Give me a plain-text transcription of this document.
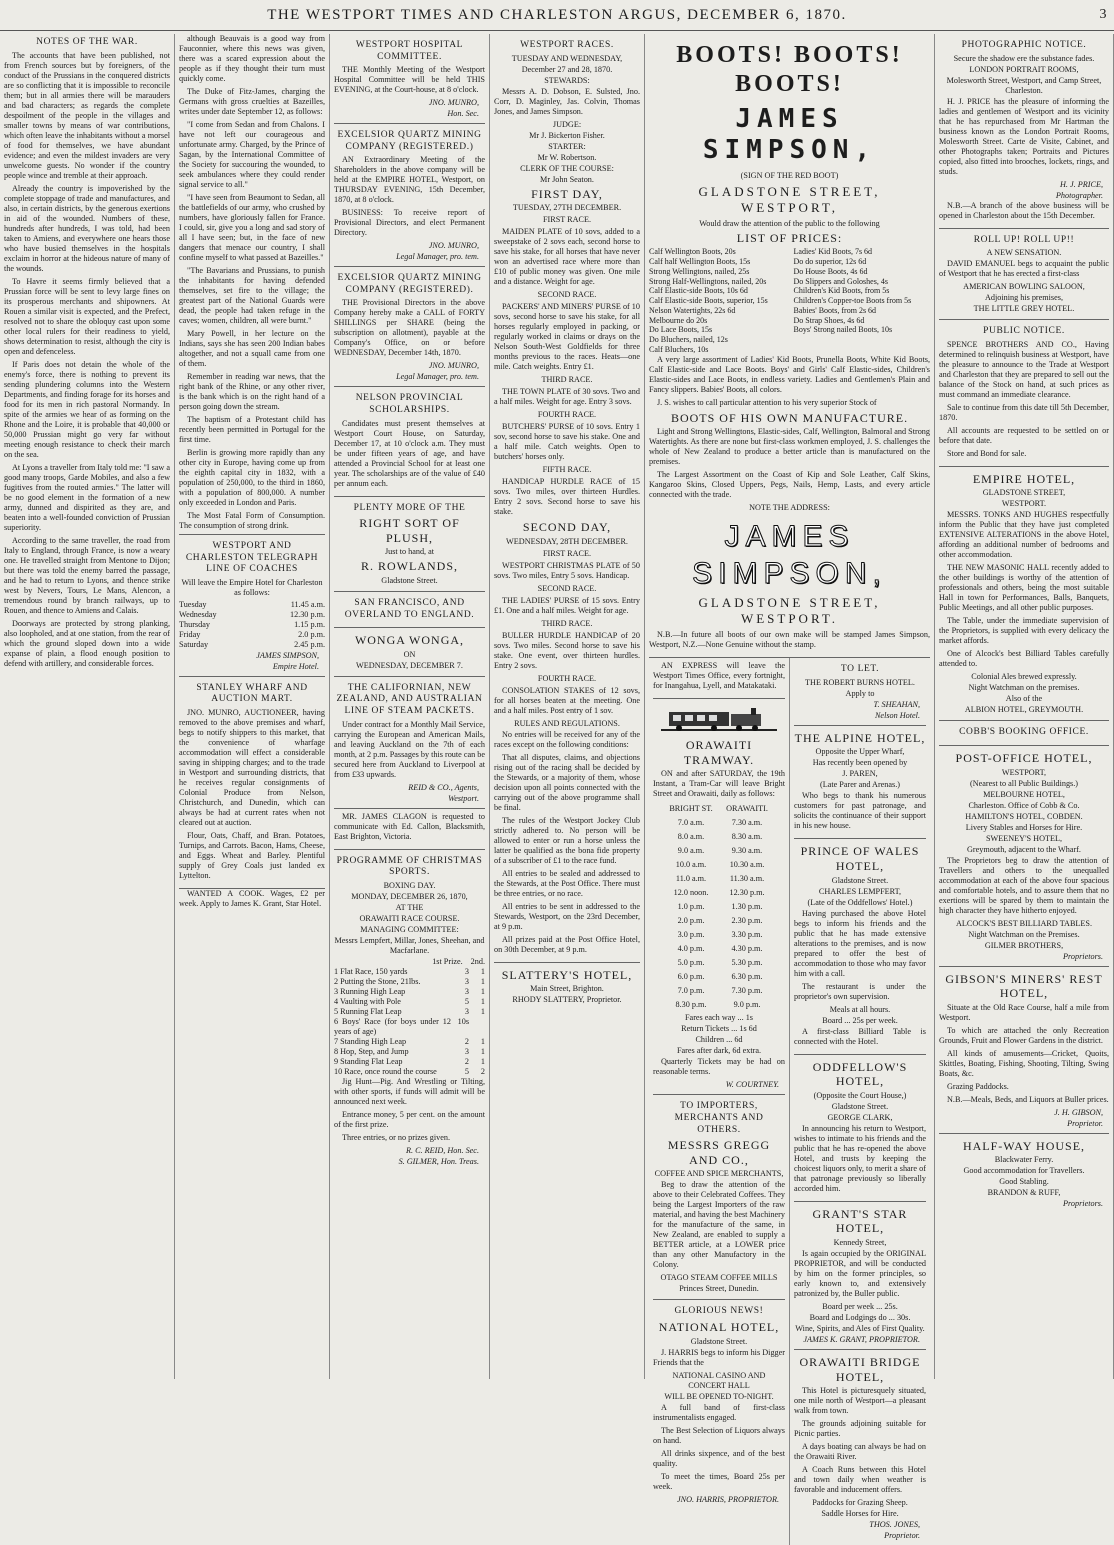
THE WESTPORT TIMES AND CHARLESTON ARGUS, DECEMBER 6, 1870.	3
NOTES OF THE WAR.

The accounts that have been published, not from French sources but by foreigners, of the conduct of the Prussians in the conquered districts are so conflicting that it is impossible to reconcile them; but in all armies there will be marauders and bad characters; as regards the complete despoilment of the people in the villages and smaller towns by means of war contributions, which often leave the inhabitants without a morsel of food for themselves, we have abundant evidence; and even the mildest invaders are very unwelcome guests. No wonder if the country people wince and tremble at their approach.

Already the country is impoverished by the complete stoppage of trade and manufactures, and also, in certain districts, by the generous exertions in aid of the wounded. Numbers of these, hundreds after hundreds, I was told, had been taken to Amiens, and everywhere one hears those who have busied themselves in the hospitals exclaim in horror at the hideous nature of many of the wounds.

To Havre it seems firmly believed that a Prussian force will be sent to levy large fines on its prosperous merchants and shipowners. At Rouen a similar visit is expected, and the Prefect, resolved not to share the obloquy cast upon some other local rulers for their readiness to yield, shows determination to resist, although the city is open and defenceless.

If Paris does not detain the whole of the enemy's force, there is nothing to prevent its sending plundering columns into the Western Departments, and finding forage for its horses and food for its men in rich pastoral Normandy. In spite of the armies we hear of as forming on the Rhone and the Loire, it is probable that 40,000 or 50,000 Prussian might go very far without meeting enough resistance to check their march on the sea.

At Lyons a traveller from Italy told me: "I saw a good many troops, Garde Mobiles, and also a few fugitives from the routed armies." The latter will be no good element in the formation of a new army, dunned and dispirited as they are, and beaten into a well-founded conviction of Prussian superiority.

According to the same traveller, the road from Italy to England, through France, is now a weary one. He travelled straight from Mentone to Dijon; but there was told the enemy barred the passage, and he had to return to Lyons, and thence strike west by Nevers, Tours, Le Mans, Alencon, a tremendous round by branch railways, up to Rouen, and thence to Amiens and Calais.

Doorways are protected by strong planking, also loopholed, and at one station, from the rear of which the ground sloped down into a wide expanse of plain, a flood enough position to defend with artillery, and considerable forces.

although Beauvais is a good way from Fauconnier, where this news was given, there was a scared expression about the people as if they thought their turn must quickly come.

The Duke of Fitz-James, charging the Germans with gross cruelties at Bazeilles, writes under date September 12, as follows:

"I come from Sedan and from Chalons. I have not left our courageous and unfortunate army. Charged, by the Prince of Sagan, by the International Committee of the Society for succouring the wounded, to seek ambulances where they could render signal service to all."

"I have seen from Beaumont to Sedan, all the battlefields of our army, who crushed by numbers, have gloriously fallen for France. I could, sir, give you a long and sad story of all I have seen; but, in the face of new dangers that menace our country, I shall confine myself to what passed at Bazeilles."

"The Bavarians and Prussians, to punish the inhabitants for having defended themselves, set fire to the village; the greatest part of the National Guards were dead, the people had taken refuge in the caves; women, children, all were burnt."

Mary Powell, in her lecture on the Indians, says she has seen 200 Indian babes altogether, and not a squall came from one of them.

Remember in reading war news, that the right bank of the Rhine, or any other river, is the bank which is on the right hand of a person going down the stream.

The baptism of a Protestant child has recently been permitted in Portugal for the first time.

Berlin is growing more rapidly than any other city in Europe, having come up from the eighth capital city in 1832, with a population of 250,000, to the third in 1860, with a population of 800,000. A number only exceeded in London and Paris.

The Most Fatal Form of Consumption. The consumption of strong drink.

WESTPORT AND CHARLESTON TELEGRAPH LINE OF COACHES
Will leave the Empire Hotel for Charleston as follows:
Tuesday	11.45 a.m.
Wednesday	12.30 p.m.
Thursday	1.15 p.m.
Friday	2.0 p.m.
Saturday	2.45 p.m.
JAMES SIMPSON,
Empire Hotel.
STANLEY WHARF AND AUCTION MART.

JNO. MUNRO, AUCTIONEER, having removed to the above premises and wharf, begs to notify shippers to this market, that the convenience of wharfage accommodation will effect a considerable saving in shipping charges; and to the trade in Westport and surrounding districts, that he receives regular consignments of Colonial Produce from Nelson, Christchurch, and Dunedin, which can always be had at current rates when not cleared out at auction.

Flour, Oats, Chaff, and Bran. Potatoes, Turnips, and Carrots. Bacon, Hams, Cheese, and Eggs. Wheat and Barley. Plentiful supply of Grey Coals just landed ex Lyttelton.

WANTED A COOK. Wages, £2 per week. Apply to James K. Grant, Star Hotel.

WESTPORT HOSPITAL COMMITTEE.

THE Monthly Meeting of the Westport Hospital Committee will be held THIS EVENING, at the Court-house, at 8 o'clock.

JNO. MUNRO,
Hon. Sec.
EXCELSIOR QUARTZ MINING COMPANY (REGISTERED.)

AN Extraordinary Meeting of the Shareholders in the above company will be held at the EMPIRE HOTEL, Westport, on THURSDAY EVENING, 15th December, 1870, at 8 o'clock.

BUSINESS: To receive report of Provisional Directors, and elect Permanent Directory.

JNO. MUNRO,
Legal Manager, pro. tem.
EXCELSIOR QUARTZ MINING COMPANY (REGISTERED).

THE Provisional Directors in the above Company hereby make a CALL of FORTY SHILLINGS per SHARE (being the subscription on allotment), payable at the Company's Office, on or before WEDNESDAY, December 14th, 1870.

JNO. MUNRO,
Legal Manager, pro. tem.
NELSON PROVINCIAL SCHOLARSHIPS.

Candidates must present themselves at Westport Court House, on Saturday, December 17, at 10 o'clock a.m. They must be under fifteen years of age, and have attended a Provincial School for at least one year. The scholarships are of the value of £40 per annum each.

PLENTY MORE OF THE
RIGHT SORT OF PLUSH,
Just to hand, at
R. ROWLANDS,
Gladstone Street.
SAN FRANCISCO, AND OVERLAND TO ENGLAND.
WONGA WONGA,
ON
WEDNESDAY, DECEMBER 7.
THE CALIFORNIAN, NEW ZEALAND, AND AUSTRALIAN LINE OF STEAM PACKETS.

Under contract for a Monthly Mail Service, carrying the European and American Mails, and leaving Auckland on the 7th of each month, at 2 p.m. Passages by this route can be secured here from Auckland to Liverpool at from £33 upwards.

REID & CO., Agents,
Westport.

MR. JAMES CLAGON is requested to communicate with Ed. Callon, Blacksmith, East Brighton, Victoria.

PROGRAMME OF CHRISTMAS SPORTS.
BOXING DAY.
MONDAY, DECEMBER 26, 1870,
AT THE
ORAWAITI RACE COURSE.
MANAGING COMMITTEE:
Messrs Lempfert, Millar, Jones, Sheehan, and Macfarlane.
1st Prize. 2nd.
1 Flat Race, 150 yards	3	1
2 Putting the Stone, 21lbs.	3	1
3 Running High Leap	3	1
4 Vaulting with Pole	5	1
5 Running Flat Leap	3	1
6 Boys' Race (for boys under 12 years of age)
10s
7 Standing High Leap	2	1
8 Hop, Step, and Jump	3	1
9 Standing Flat Leap	2	1
10 Race, once round the course	5	2

Jig Hunt—Pig. And Wrestling or Tilting, with other sports, if funds will admit will be announced next week.

Entrance money, 5 per cent. on the amount of the first prize.

Three entries, or no prizes given.

R. C. REID, Hon. Sec.
S. GILMER, Hon. Treas.
WESTPORT RACES.
TUESDAY AND WEDNESDAY,
December 27 and 28, 1870.
STEWARDS:

Messrs A. D. Dobson, E. Sulsted, Jno. Corr, D. Maginley, Jas. Colvin, Thomas Jones, and James Simpson.

JUDGE:
Mr J. Bickerton Fisher.
STARTER:
Mr W. Robertson.
CLERK OF THE COURSE:
Mr John Seaton.
FIRST DAY,
TUESDAY, 27TH DECEMBER.
FIRST RACE.

MAIDEN PLATE of 10 sovs, added to a sweepstake of 2 sovs each, second horse to save his stake, for all horses that have never won an advertised race where more than £10 of public money was given. One mile and a distance. Weight for age.

SECOND RACE.

PACKERS' AND MINERS' PURSE of 10 sovs, second horse to save his stake, for all horses regularly employed in packing, or regularly worked in claims or drays on the Nelson South-West Goldfields for three months previous to the races. Heats—one mile. Catch weights. Entry £1.

THIRD RACE.

THE TOWN PLATE of 30 sovs. Two and a half miles. Weight for age. Entry 3 sovs.

FOURTH RACE.

BUTCHERS' PURSE of 10 sovs. Entry 1 sov, second horse to save his stake. One and a half mile. Catch weights. Open to butchers' horses only.

FIFTH RACE.

HANDICAP HURDLE RACE of 15 sovs. Two miles, over thirteen Hurdles. Entry 2 sovs. Second horse to save his stake.

SECOND DAY,
WEDNESDAY, 28TH DECEMBER.
FIRST RACE.

WESTPORT CHRISTMAS PLATE of 50 sovs. Two miles, Entry 5 sovs. Handicap.

SECOND RACE.

THE LADIES' PURSE of 15 sovs. Entry £1. One and a half miles. Weight for age.

THIRD RACE.

BULLER HURDLE HANDICAP of 20 sovs. Two miles. Second horse to save his stake. One event, over thirteen hurdles. Entry 2 sovs.

FOURTH RACE.

CONSOLATION STAKES of 12 sovs, for all horses beaten at the meeting. One and a half miles. Post entry of 1 sov.

RULES AND REGULATIONS.

No entries will be received for any of the races except on the following conditions:

That all disputes, claims, and objections rising out of the racing shall be decided by the Stewards, or a majority of them, whose decision upon all points connected with the carrying out of the above programme shall be final.

The rules of the Westport Jockey Club strictly adhered to. No person will be allowed to enter or run a horse unless the latter be qualified as the bona fide property of a subscriber of £1 to the race fund.

All entries to be sealed and addressed to the Stewards, at the Post Office. There must be three entries, or no race.

All entries to be sent in addressed to the Stewards, Westport, on the 23rd December, at 9 p.m.

All prizes paid at the Post Office Hotel, on 30th December, at 9 p.m.

SLATTERY'S HOTEL,
Main Street, Brighton.
RHODY SLATTERY, Proprietor.
BOOTS! BOOTS! BOOTS!
JAMES SIMPSON,
(SIGN OF THE RED BOOT)
GLADSTONE STREET, WESTPORT,
Would draw the attention of the public to the following
LIST OF PRICES:
Calf Wellington Boots, 20s	Ladies' Kid Boots, 7s 6d
Calf half Wellington Boots, 15s	Do do superior, 12s 6d
Strong Wellingtons, nailed, 25s	Do House Boots, 4s 6d
Strong Half-Wellingtons, nailed, 20s	Do Slippers and Goloshes, 4s
Calf Elastic-side Boots, 10s 6d	Children's Kid Boots, from 5s
Calf Elastic-side Boots, superior, 15s	Children's Copper-toe Boots from 5s
Nelson Watertights, 22s 6d	Babies' Boots, from 2s 6d
Melbourne do 20s	Do Strap Shoes, 4s 6d
Do Lace Boots, 15s	Boys' Strong nailed Boots, 10s
Do Bluchers, nailed, 12s
Calf Bluchers, 10s

A very large assortment of Ladies' Kid Boots, Prunella Boots, White Kid Boots, Calf Elastic-side and Lace Boots. Boys' and Girls' Calf Elastic-sides, Children's Elastic-sides and Lace Boots, in endless variety. Ladies and Gentlemen's Plain and Fancy slippers. Babies' Boots, all colors.

J. S. wishes to call particular attention to his very superior Stock of

BOOTS OF HIS OWN MANUFACTURE.

Light and Strong Wellingtons, Elastic-sides, Calf, Wellington, Balmoral and Strong Watertights. As there are none but first-class workmen employed, J. S. challenges the whole of New Zealand to produce a better article than is manufactured on the premises.

The Largest Assortment on the Coast of Kip and Sole Leather, Calf Skins, Kangaroo Skins, Closed Uppers, Pegs, Nails, Hemp, Lasts, and every article connected with the trade.

NOTE THE ADDRESS:
JAMES SIMPSON,
GLADSTONE STREET, WESTPORT.

N.B.—In future all boots of our own make will be stamped James Simpson, Westport, N.Z.—None Genuine without the stamp.

AN EXPRESS will leave the Westport Times Office, every fortnight, for Inangahua, Lyell, and Matakataki.

ORAWAITI TRAMWAY.

ON and after SATURDAY, the 19th Instant, a Tram-Car will leave Bright Street and Orawaiti, daily as follows:

BRIGHT ST.	ORAWAITI.
7.0 a.m.	7.30 a.m.
8.0 a.m.	8.30 a.m.
9.0 a.m.	9.30 a.m.
10.0 a.m.	10.30 a.m.
11.0 a.m.	11.30 a.m.
12.0 noon.	12.30 p.m.
1.0 p.m.	1.30 p.m.
2.0 p.m.	2.30 p.m.
3.0 p.m.	3.30 p.m.
4.0 p.m.	4.30 p.m.
5.0 p.m.	5.30 p.m.
6.0 p.m.	6.30 p.m.
7.0 p.m.	7.30 p.m.
8.30 p.m.	9.0 p.m.
Fares each way ... 1s
Return Tickets ... 1s 6d
Children ... 6d
Fares after dark, 6d extra.

Quarterly Tickets may be had on reasonable terms.

W. COURTNEY.
TO IMPORTERS, MERCHANTS AND OTHERS.
MESSRS GREGG AND CO.,
COFFEE AND SPICE MERCHANTS,

Beg to draw the attention of the above to their Celebrated Coffees. They being the Largest Importers of the raw material, and having the best Machinery for the manufacture of the same, in New Zealand, are enabled to supply a BETTER article, at a LOWER price than any other Manufactory in the Colony.

OTAGO STEAM COFFEE MILLS
Princes Street, Dunedin.
GLORIOUS NEWS!
NATIONAL HOTEL,
Gladstone Street.

J. HARRIS begs to inform his Digger Friends that the

NATIONAL CASINO AND CONCERT HALL
WILL BE OPENED TO-NIGHT.

A full band of first-class instrumentalists engaged.

The Best Selection of Liquors always on hand.

All drinks sixpence, and of the best quality.

To meet the times, Board 25s per week.

JNO. HARRIS, PROPRIETOR.
TO LET.
THE ROBERT BURNS HOTEL.
Apply to
T. SHEAHAN,
Nelson Hotel.
THE ALPINE HOTEL,
Opposite the Upper Wharf,
Has recently been opened by
J. PAREN,
(Late Parer and Arenas.)

Who begs to thank his numerous customers for past patronage, and solicits the continuance of their support in his new house.

PRINCE OF WALES HOTEL,
Gladstone Street.
CHARLES LEMPFERT,
(Late of the Oddfellows' Hotel.)

Having purchased the above Hotel begs to inform his friends and the public that he has made extensive alterations to the premises, and is now prepared to offer the best of accommodation to those who may favor him with a call.

The restaurant is under the proprietor's own supervision.

Meals at all hours.
Board ... 25s per week.

A first-class Billiard Table is connected with the Hotel.

ODDFELLOW'S HOTEL,
(Opposite the Court House,)
Gladstone Street.
GEORGE CLARK,

In announcing his return to Westport, wishes to intimate to his friends and the public that he has re-opened the above Hotel, and trusts by keeping the choicest liquors only, to merit a share of that patronage previously so liberally accorded him.

GRANT'S STAR HOTEL,
Kennedy Street,

Is again occupied by the ORIGINAL PROPRIETOR, and will be conducted by him on the former principles, so early known to, and extensively patronized by, the Buller public.

Board per week ... 25s.
Board and Lodgings do ... 30s.
Wine, Spirits, and Ales of First Quality.
JAMES K. GRANT, PROPRIETOR.
ORAWAITI BRIDGE HOTEL,

This Hotel is picturesquely situated, one mile north of Westport—a pleasant walk from town.

The grounds adjoining suitable for Picnic parties.

A days boating can always be had on the Orawaiti River.

A Coach Runs between this Hotel and town daily when weather is favorable and inducement offers.

Paddocks for Grazing Sheep.
Saddle Horses for Hire.
THOS. JONES,
Proprietor.
PHOTOGRAPHIC NOTICE.
Secure the shadow ere the substance fades.
LONDON PORTRAIT ROOMS,
Molesworth Street, Westport, and Camp Street, Charleston.

H. J. PRICE has the pleasure of informing the ladies and gentlemen of Westport and its vicinity that he has repurchased from Mr Hartman the business known as the London Portrait Rooms, Molesworth Street. Carte de Visite, Cabinet, and other Photographs taken; Portraits and Pictures copied, also fitted into brooches, lockets, rings, and studs.

H. J. PRICE,
Photographer.

N.B.—A branch of the above business will be opened in Charleston about the 15th December.

ROLL UP! ROLL UP!!
A NEW SENSATION.

DAVID EMANUEL begs to acquaint the public of Westport that he has erected a first-class

AMERICAN BOWLING SALOON,
Adjoining his premises,
THE LITTLE GREY HOTEL.
PUBLIC NOTICE.

SPENCE BROTHERS AND CO., Having determined to relinquish business at Westport, have the pleasure to announce to the Trade at Westport and Charleston that they are prepared to sell out the balance of the Stock on hand, at such prices as must command an immediate clearance.

Sale to continue from this date till 5th December, 1870.

All accounts are requested to be settled on or before that date.

Store and Bond for sale.

EMPIRE HOTEL,
GLADSTONE STREET,
WESTPORT.

MESSRS. TONKS AND HUGHES respectfully inform the Public that they have just completed EXTENSIVE ALTERATIONS in the above Hotel, affording an additional number of bedrooms and other accommodation.

THE NEW MASONIC HALL recently added to the other buildings is worthy of the attention of professionals and others, being the most suitable Hall in town for Performances, Balls, Banquets, Public Meetings, and all other public purposes.

The Table, under the immediate supervision of the Proprietors, is supplied with every delicacy the market affords.

One of Alcock's best Billiard Tables carefully attended to.

Colonial Ales brewed expressly.
Night Watchman on the premises.
Also of the
ALBION HOTEL, GREYMOUTH.
COBB'S BOOKING OFFICE.
POST-OFFICE HOTEL,
WESTPORT,
(Nearest to all Public Buildings.)
MELBOURNE HOTEL,
Charleston. Office of Cobb & Co.
HAMILTON'S HOTEL, COBDEN.
Livery Stables and Horses for Hire.
SWEENEY'S HOTEL,
Greymouth, adjacent to the Wharf.

The Proprietors beg to draw the attention of Travellers and others to the unequalled accommodation at each of the above four spacious and comfortable hotels, and to assure them that no exertions will be spared by them to maintain the high character they have hitherto enjoyed.

ALCOCK'S BEST BILLIARD TABLES.
Night Watchman on the Premises.
GILMER BROTHERS,
Proprietors.
GIBSON'S MINERS' REST HOTEL,

Situate at the Old Race Course, half a mile from Westport.

To which are attached the only Recreation Grounds, Fruit and Flower Gardens in the district.

All kinds of amusements—Cricket, Quoits, Skittles, Boating, Fishing, Shooting, Tilting, Swing Boats, &c.

Grazing Paddocks.

N.B.—Meals, Beds, and Liquors at Buller prices.

J. H. GIBSON,
Proprietor.
HALF-WAY HOUSE,
Blackwater Ferry.
Good accommodation for Travellers.
Good Stabling.
BRANDON & RUFF,
Proprietors.
